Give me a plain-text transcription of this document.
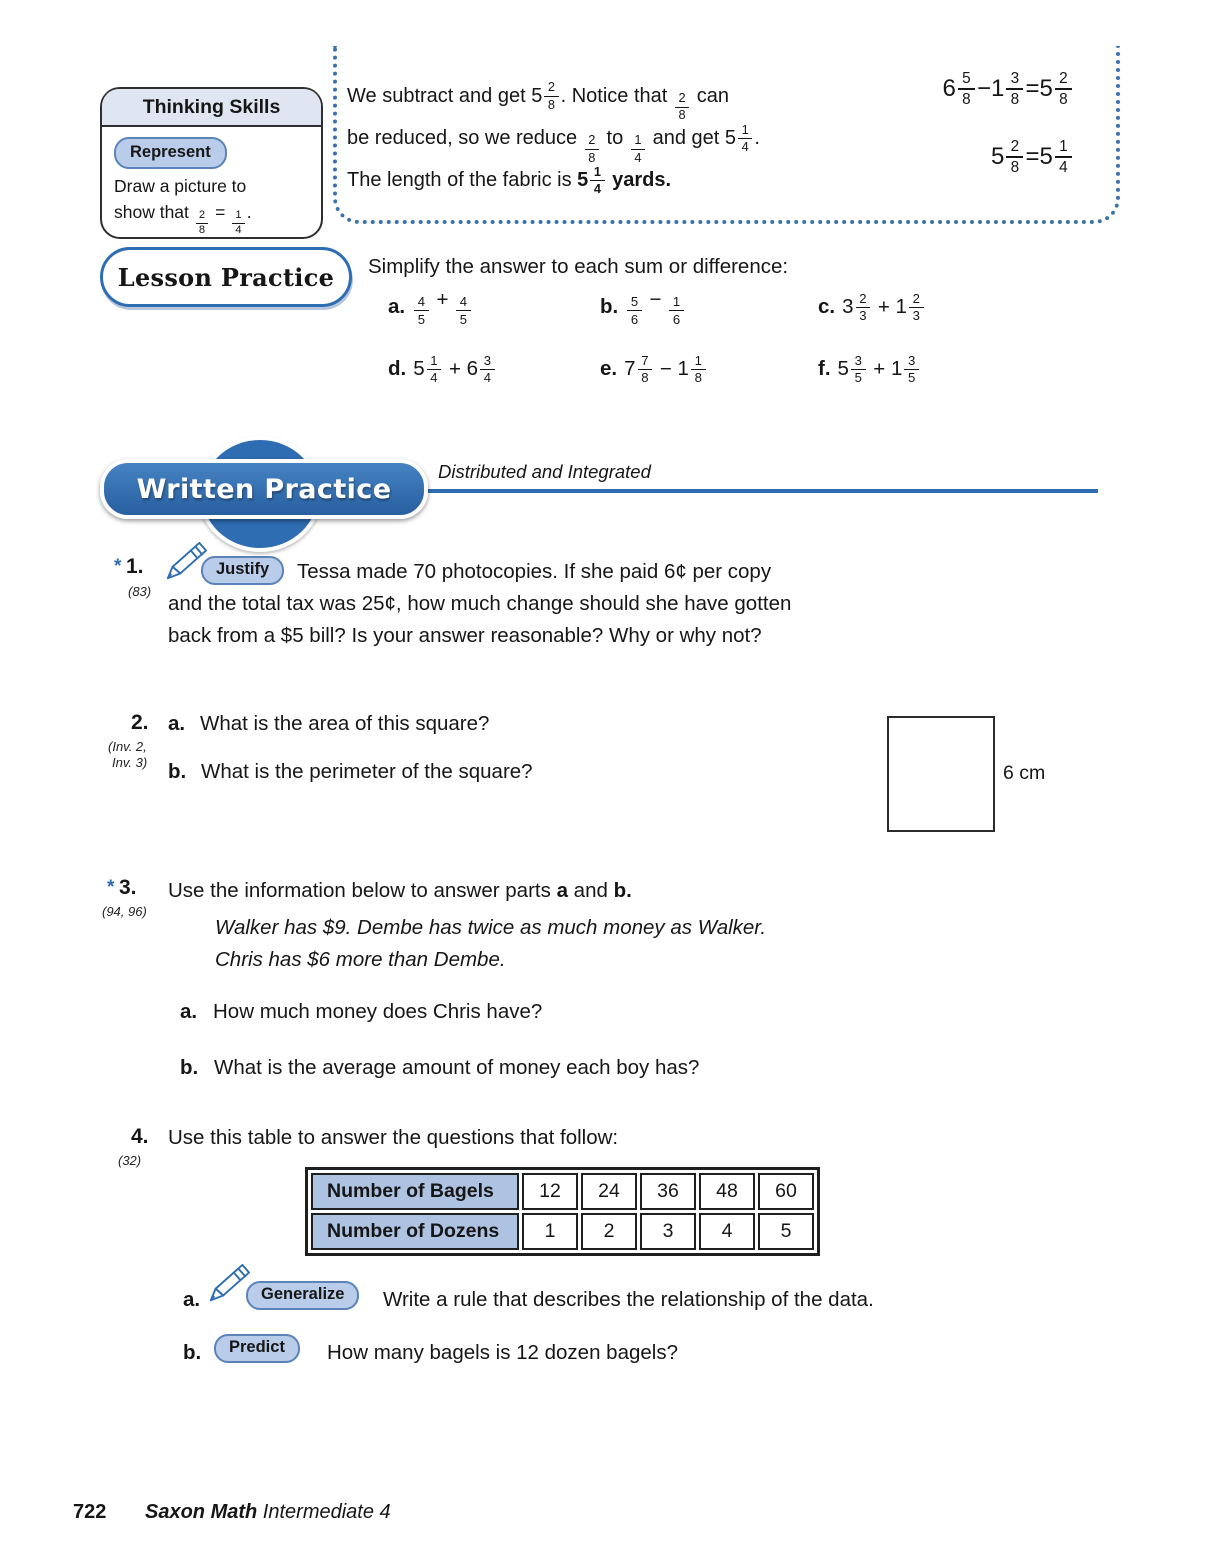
We subtract and get 5 2
8 . Notice that 2
8
can
be reduced, so we reduce 2
8
to 1
4
and get 5 1
4 .
The length of the fabric is 5 1
4 yards.
6 5
8 − 1 3
8 = 5 2
8
5 2
8 = 5 1
4
Thinking Skills
Represent
Draw a picture to
show that 2
8
= 1
4
.
Lesson Practice	Simplify the answer to each sum or difference:
a. 4
5
+ 4
5
b. 5
6
− 1
6
c. 3 2
3 + 1 2
3
d. 5 1
4 + 6 3
4	e. 7 7
8 − 1 1
8	f. 5 3
5 + 1 3
5
Written Practice
Distributed and Integrated
* 1.
(83)
Justify	Tessa made 70 photocopies. If she paid 6¢ per copy
and the total tax was 25¢, how much change should she have gotten
back from a $5 bill? Is your answer reasonable? Why or why not?
2.
(Inv. 2,
Inv. 3)
a. What is the area of this square?
b. What is the perimeter of the square?	6 cm
* 3.
(94, 96)
Use the information below to answer parts a and b.
Walker has $9. Dembe has twice as much money as Walker.
Chris has $6 more than Dembe.
a. How much money does Chris have?
b. What is the average amount of money each boy has?
4.
(32)
Use this table to answer the questions that follow:
Number of Bagels	12	24	36	48	60
Number of Dozens	1	2	3	4	5
a.	Generalize	Write a rule that describes the relationship of the data.
b.	Predict	How many bagels is 12 dozen bagels?
722 Saxon Math Intermediate 4
